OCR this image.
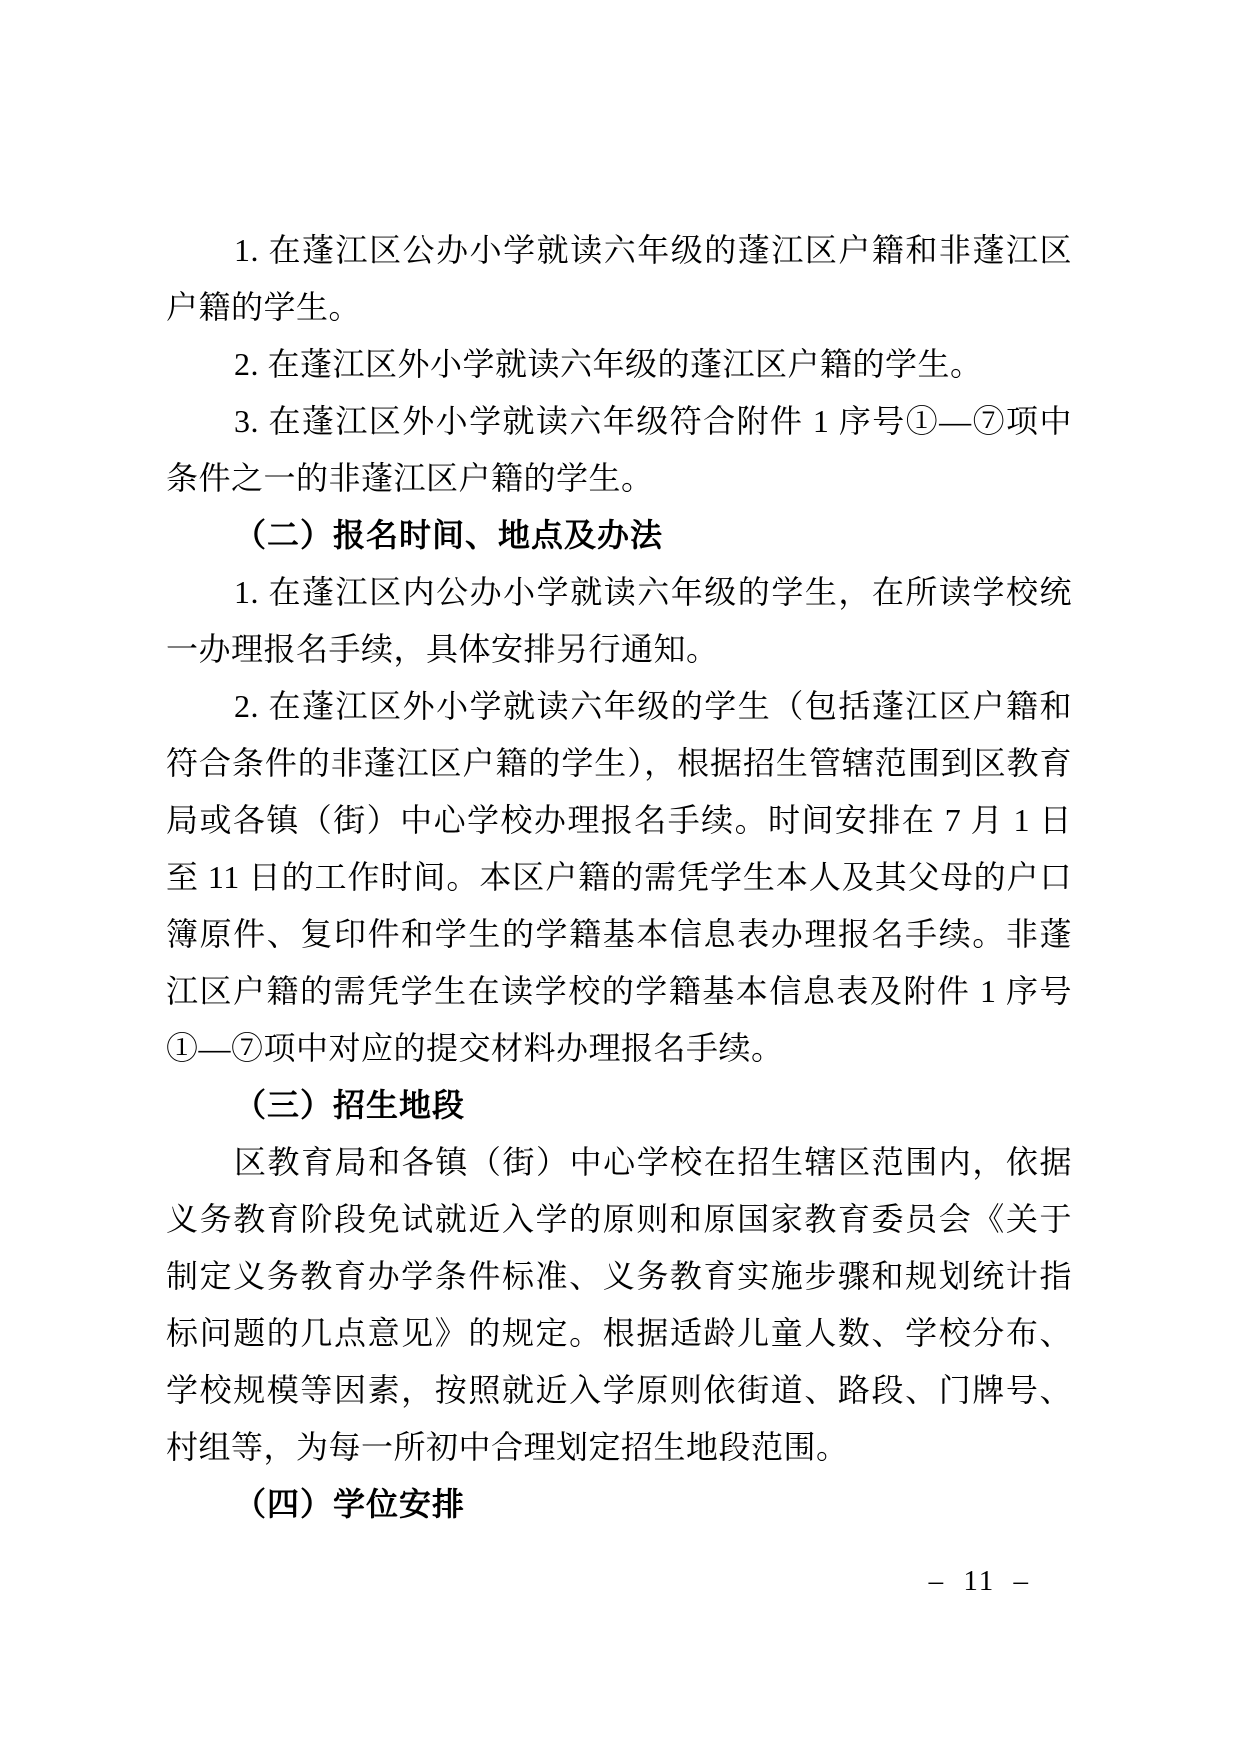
1. 在蓬江区公办小学就读六年级的蓬江区户籍和非蓬江区
户籍的学生。
2. 在蓬江区外小学就读六年级的蓬江区户籍的学生。
3. 在蓬江区外小学就读六年级符合附件 1 序号①—⑦项中
条件之一的非蓬江区户籍的学生。
（二）报名时间、地点及办法
1. 在蓬江区内公办小学就读六年级的学生，在所读学校统
一办理报名手续，具体安排另行通知。
2. 在蓬江区外小学就读六年级的学生（包括蓬江区户籍和
符合条件的非蓬江区户籍的学生），根据招生管辖范围到区教育
局或各镇（街）中心学校办理报名手续。时间安排在 7 月 1 日
至 11 日的工作时间。本区户籍的需凭学生本人及其父母的户口
簿原件、复印件和学生的学籍基本信息表办理报名手续。非蓬
江区户籍的需凭学生在读学校的学籍基本信息表及附件 1 序号
①—⑦项中对应的提交材料办理报名手续。
（三）招生地段
区教育局和各镇（街）中心学校在招生辖区范围内，依据
义务教育阶段免试就近入学的原则和原国家教育委员会《关于
制定义务教育办学条件标准、义务教育实施步骤和规划统计指
标问题的几点意见》的规定。根据适龄儿童人数、学校分布、
学校规模等因素，按照就近入学原则依街道、路段、门牌号、
村组等，为每一所初中合理划定招生地段范围。
（四）学位安排
– 11 –
